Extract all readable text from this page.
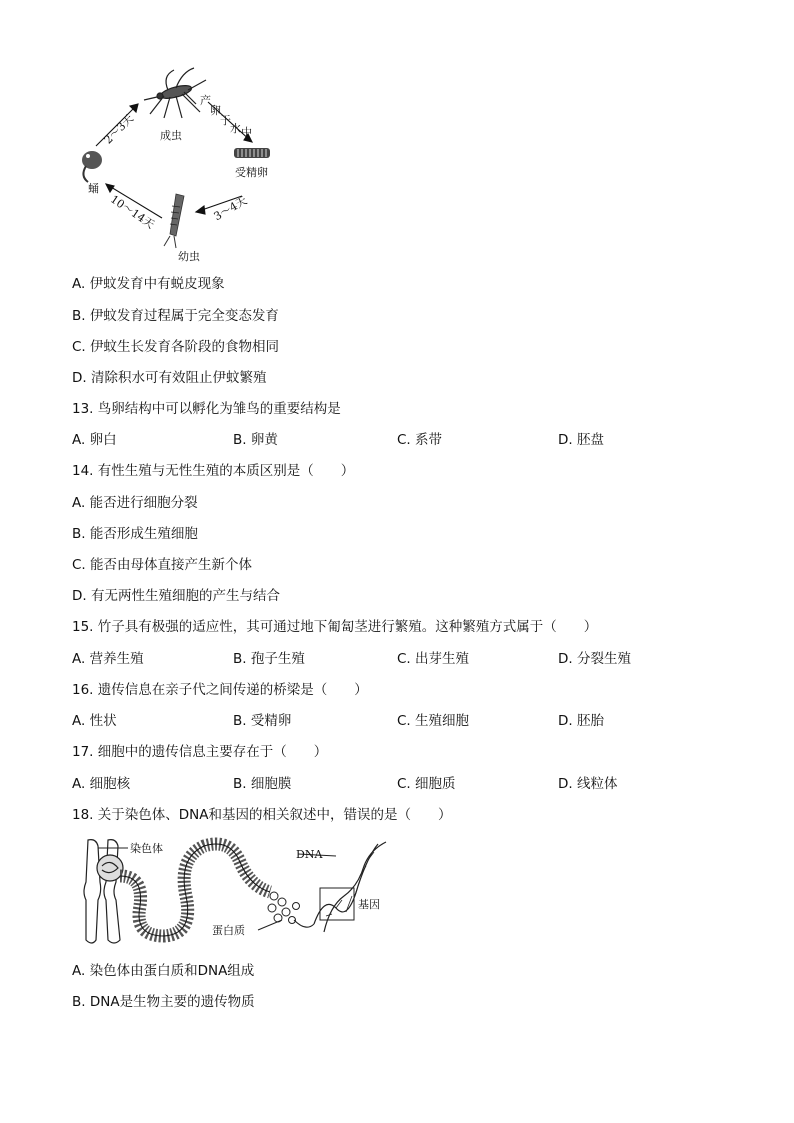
成虫
2～3天
产
卵
于
水 中
受精卵
蛹
3～4天
10～14天
幼虫
A. 伊蚊发育中有蜕皮现象
B. 伊蚊发育过程属于完全变态发育
C. 伊蚊生长发育各阶段的食物相同
D. 清除积水可有效阻止伊蚊繁殖
13. 鸟卵结构中可以孵化为雏鸟的重要结构是
A. 卵白	B. 卵黄	C. 系带	D. 胚盘
14. 有性生殖与无性生殖的本质区别是（　　）
A. 能否进行细胞分裂
B. 能否形成生殖细胞
C. 能否由母体直接产生新个体
D. 有无两性生殖细胞的产生与结合
15. 竹子具有极强的适应性，其可通过地下匍匐茎进行繁殖。这种繁殖方式属于（　　）
A. 营养生殖	B. 孢子生殖	C. 出芽生殖	D. 分裂生殖
16. 遗传信息在亲子代之间传递的桥梁是（　　）
A. 性状	B. 受精卵	C. 生殖细胞	D. 胚胎
17. 细胞中的遗传信息主要存在于（　　）
A. 细胞核	B. 细胞膜	C. 细胞质	D. 线粒体
18. 关于染色体、DNA和基因的相关叙述中，错误的是（　　）
染色体
蛋白质
DNA
基因
A. 染色体由蛋白质和DNA组成
B. DNA是生物主要的遗传物质
